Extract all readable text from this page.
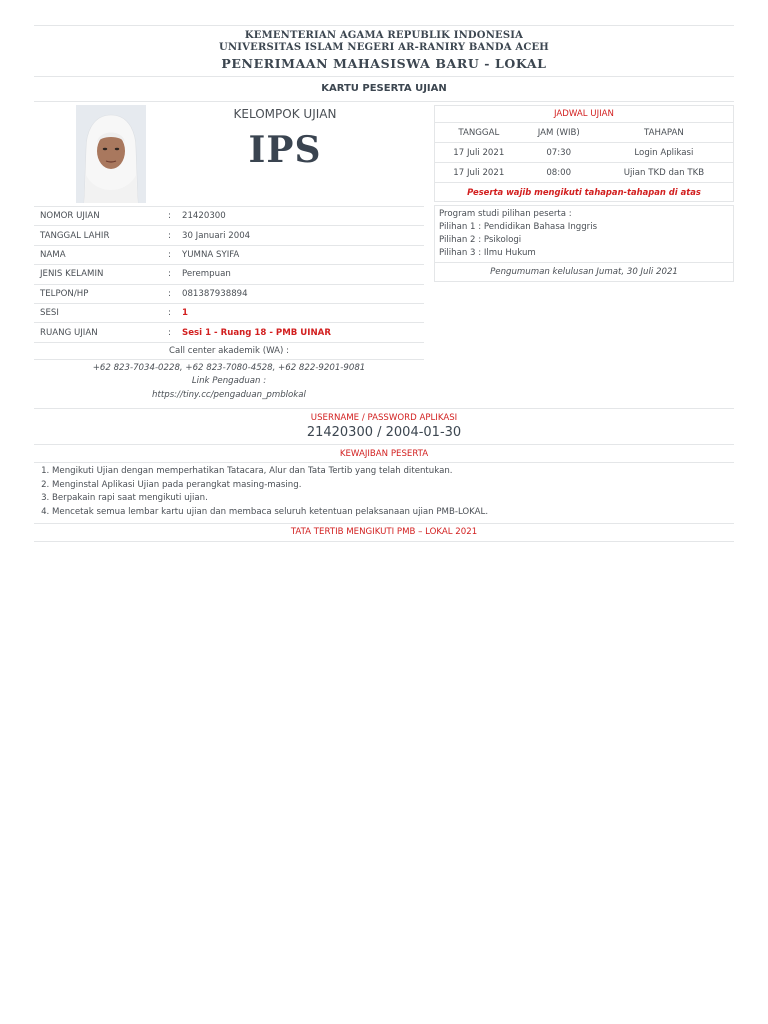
KEMENTERIAN AGAMA REPUBLIK INDONESIA
UNIVERSITAS ISLAM NEGERI AR-RANIRY BANDA ACEH
PENERIMAAN MAHASISWA BARU - LOKAL
KARTU PESERTA UJIAN
KELOMPOK UJIAN
IPS
NOMOR UJIAN	:	21420300
TANGGAL LAHIR	:	30 Januari 2004
NAMA	:	YUMNA SYIFA
JENIS KELAMIN	:	Perempuan
TELPON/HP	:	081387938894
SESI	:	1
RUANG UJIAN	:	Sesi 1 - Ruang 18 - PMB UINAR
Call center akademik (WA) :
+62 823-7034-0228, +62 823-7080-4528, +62 822-9201-9081
Link Pengaduan :
https://tiny.cc/pengaduan_pmblokal
JADWAL UJIAN
TANGGAL	JAM (WIB)	TAHAPAN
17 Juli 2021	07:30	Login Aplikasi
17 Juli 2021	08:00	Ujian TKD dan TKB
Peserta wajib mengikuti tahapan-tahapan di atas
Program studi pilihan peserta :
Pilihan 1 : Pendidikan Bahasa Inggris
Pilihan 2 : Psikologi
Pilihan 3 : Ilmu Hukum
Pengumuman kelulusan Jumat, 30 Juli 2021
USERNAME / PASSWORD APLIKASI
21420300 / 2004-01-30
KEWAJIBAN PESERTA
1. Mengikuti Ujian dengan memperhatikan Tatacara, Alur dan Tata Tertib yang telah ditentukan.
2. Menginstal Aplikasi Ujian pada perangkat masing-masing.
3. Berpakain rapi saat mengikuti ujian.
4. Mencetak semua lembar kartu ujian dan membaca seluruh ketentuan pelaksanaan ujian PMB-LOKAL.
TATA TERTIB MENGIKUTI PMB – LOKAL 2021
